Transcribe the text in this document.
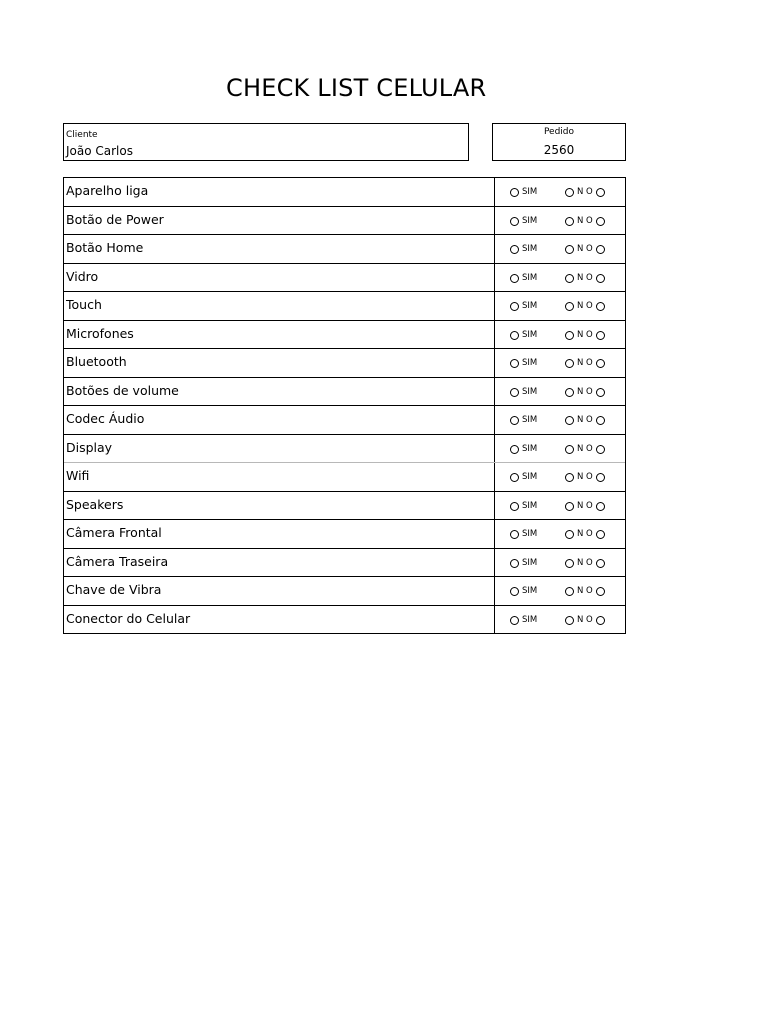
CHECK LIST CELULAR
Cliente
João Carlos
Pedido
2560
Aparelho liga	SIM	N O
Botão de Power	SIM	N O
Botão Home	SIM	N O
Vidro	SIM	N O
Touch	SIM	N O
Microfones	SIM	N O
Bluetooth	SIM	N O
Botões de volume	SIM	N O
Codec Áudio	SIM	N O
Display	SIM	N O
Wifi	SIM	N O
Speakers	SIM	N O
Câmera Frontal	SIM	N O
Câmera Traseira	SIM	N O
Chave de Vibra	SIM	N O
Conector do Celular	SIM	N O
